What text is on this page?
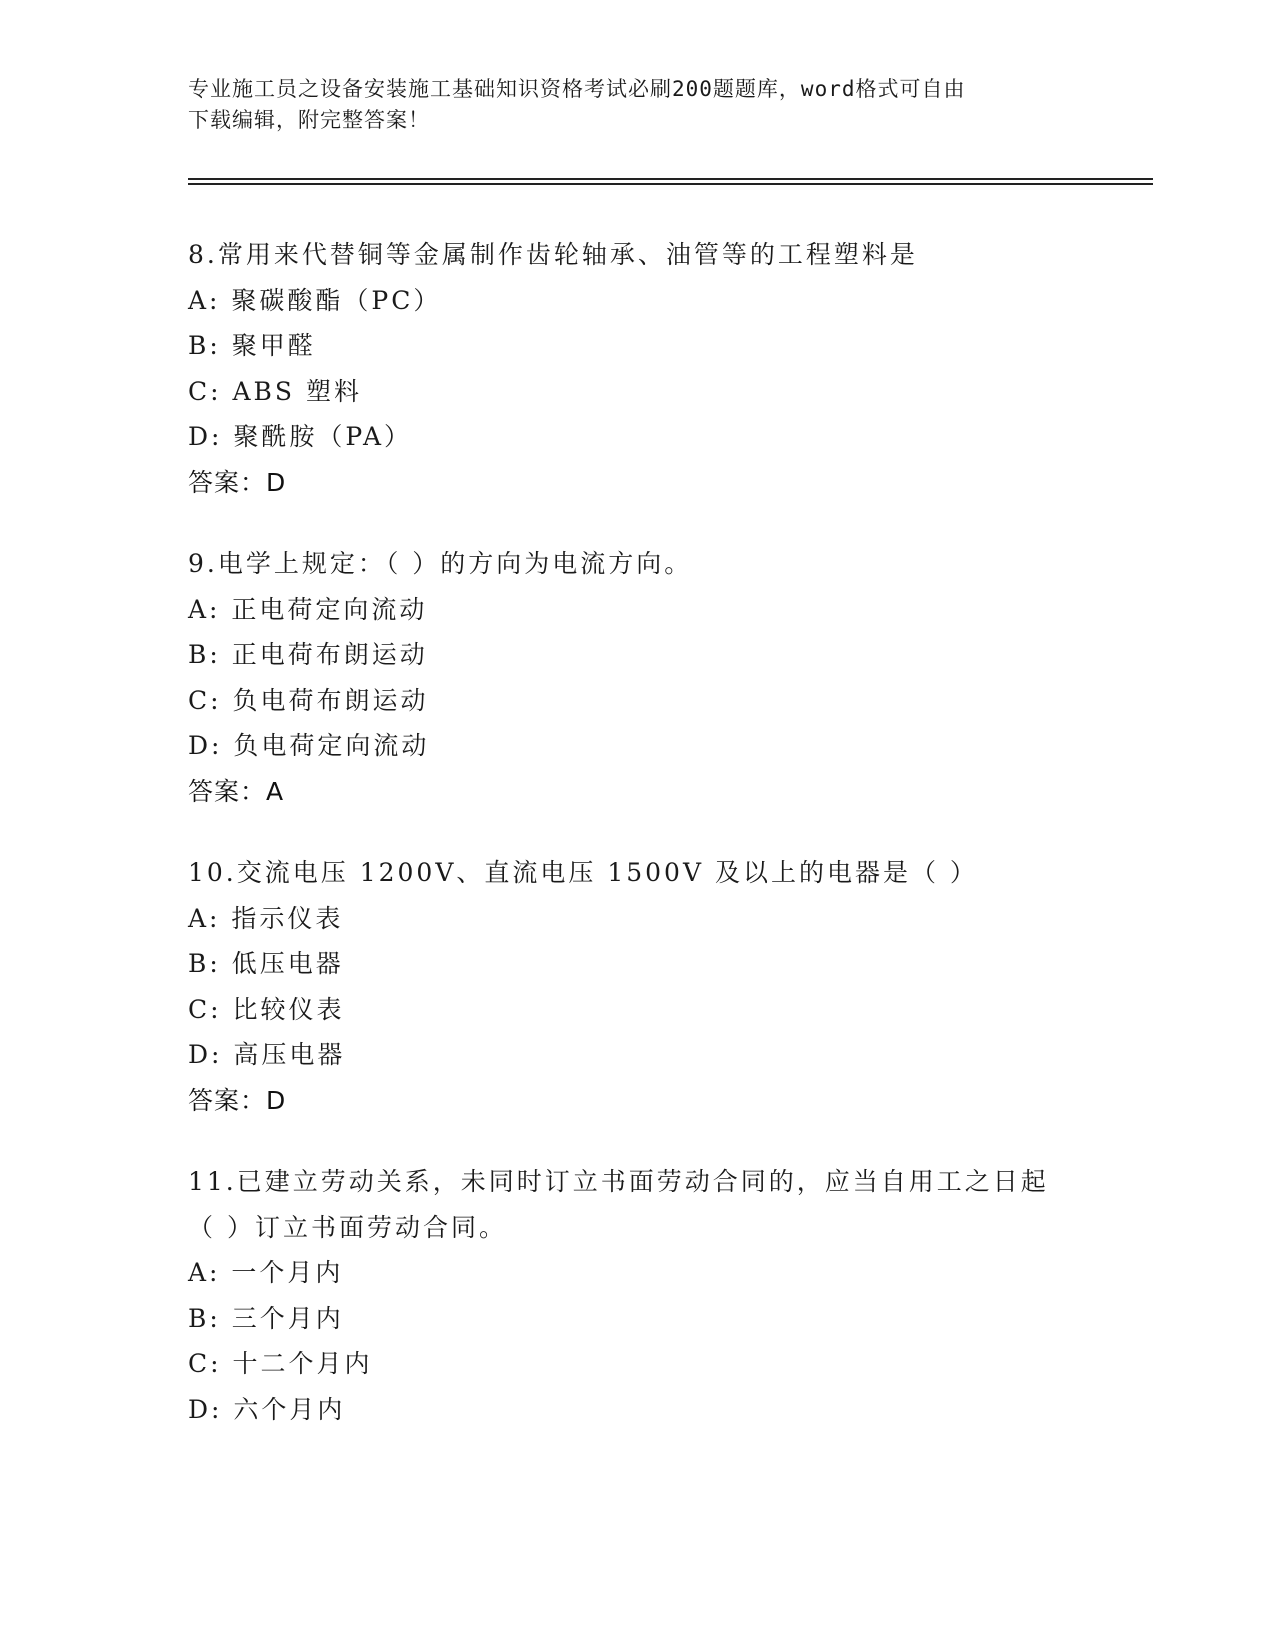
专业施工员之设备安装施工基础知识资格考试必刷200题题库，word格式可自由
下载编辑，附完整答案！
8.常用来代替铜等金属制作齿轮轴承、油管等的工程塑料是
A: 聚碳酸酯（PC）
B: 聚甲醛
C: ABS 塑料
D: 聚酰胺（PA）
答案：D
9.电学上规定：（ ）的方向为电流方向。
A: 正电荷定向流动
B: 正电荷布朗运动
C: 负电荷布朗运动
D: 负电荷定向流动
答案：A
10.交流电压 1200V、直流电压 1500V 及以上的电器是（ ）
A: 指示仪表
B: 低压电器
C: 比较仪表
D: 高压电器
答案：D
11.已建立劳动关系，未同时订立书面劳动合同的，应当自用工之日起
（ ）订立书面劳动合同。
A: 一个月内
B: 三个月内
C: 十二个月内
D: 六个月内
